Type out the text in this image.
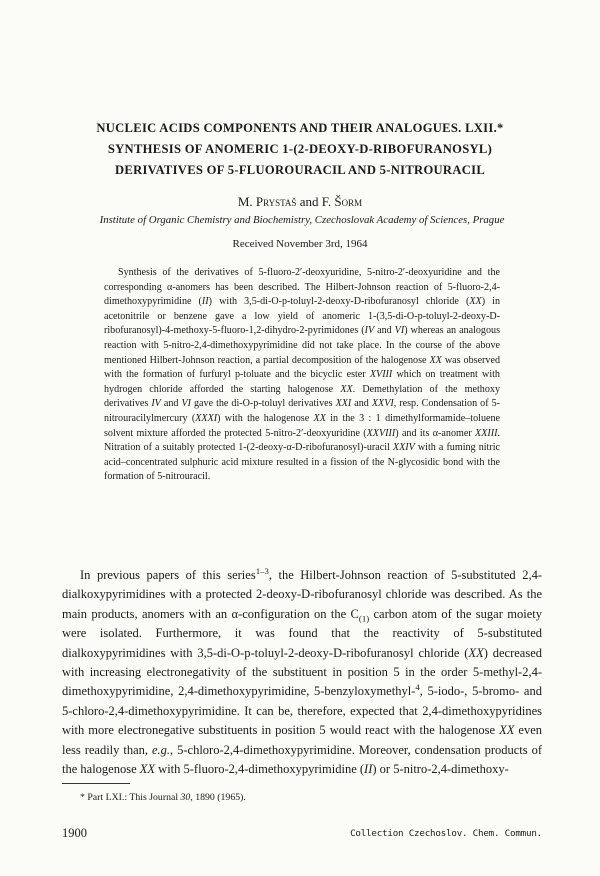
NUCLEIC ACIDS COMPONENTS AND THEIR ANALOGUES. LXII.*
SYNTHESIS OF ANOMERIC 1-(2-DEOXY-D-RIBOFURANOSYL)
DERIVATIVES OF 5-FLUOROURACIL AND 5-NITROURACIL
M. Prystaš and F. Šorm
Institute of Organic Chemistry and Biochemistry, Czechoslovak Academy of Sciences, Prague
Received November 3rd, 1964

Synthesis of the derivatives of 5-fluoro-2′-deoxyuridine, 5-nitro-2′-deoxyuridine and the corresponding α-anomers has been described. The Hilbert-Johnson reaction of 5-fluoro-2,4-dimethoxypyrimidine (II) with 3,5-di-O-p-toluyl-2-deoxy-D-ribofuranosyl chloride (XX) in acetonitrile or benzene gave a low yield of anomeric 1-(3,5-di-O-p-toluyl-2-deoxy-D-ribofuranosyl)-4-methoxy-5-fluoro-1,2-dihydro-2-pyrimidones (IV and VI) whereas an analogous reaction with 5-nitro-2,4-dimethoxypyrimidine did not take place. In the course of the above mentioned Hilbert-Johnson reaction, a partial decomposition of the halogenose XX was observed with the formation of furfuryl p-toluate and the bicyclic ester XVIII which on treatment with hydrogen chloride afforded the starting halogenose XX. Demethylation of the methoxy derivatives IV and VI gave the di-O-p-toluyl derivatives XXI and XXVI, resp. Condensation of 5-nitrouracilylmercury (XXXI) with the halogenose XX in the 3 : 1 dimethylformamide–toluene solvent mixture afforded the protected 5-nitro-2′-deoxyuridine (XXVIII) and its α-anomer XXIII. Nitration of a suitably protected 1-(2-deoxy-α-D-ribofuranosyl)-uracil XXIV with a fuming nitric acid–concentrated sulphuric acid mixture resulted in a fission of the N-glycosidic bond with the formation of 5-nitrouracil.

In previous papers of this series$^{1-3}$, the Hilbert-Johnson reaction of 5-substituted 2,4-dialkoxypyrimidines with a protected 2-deoxy-D-ribofuranosyl chloride was described. As the main products, anomers with an α-configuration on the $C_{(1)}$ carbon atom of the sugar moiety were isolated. Furthermore, it was found that the reactivity of 5-substituted dialkoxypyrimidines with 3,5-di-O-p-toluyl-2-deoxy-D-ribofuranosyl chloride (XX) decreased with increasing electronegativity of the substituent in position 5 in the order 5-methyl-2,4-dimethoxypyrimidine, 2,4-dimethoxypyrimidine, 5-benzyloxymethyl-$^4$, 5-iodo-, 5-bromo- and 5-chloro-2,4-dimethoxypyrimidine. It can be, therefore, expected that 2,4-dimethoxypyridines with more electronegative substituents in position 5 would react with the halogenose XX even less readily than, e.g., 5-chloro-2,4-dimethoxypyrimidine. Moreover, condensation products of the halogenose XX with 5-fluoro-2,4-dimethoxypyrimidine (II) or 5-nitro-2,4-dimethoxy-

* Part LXI.: This Journal 30, 1890 (1965).
1900	Collection Czechoslov. Chem. Commun.
